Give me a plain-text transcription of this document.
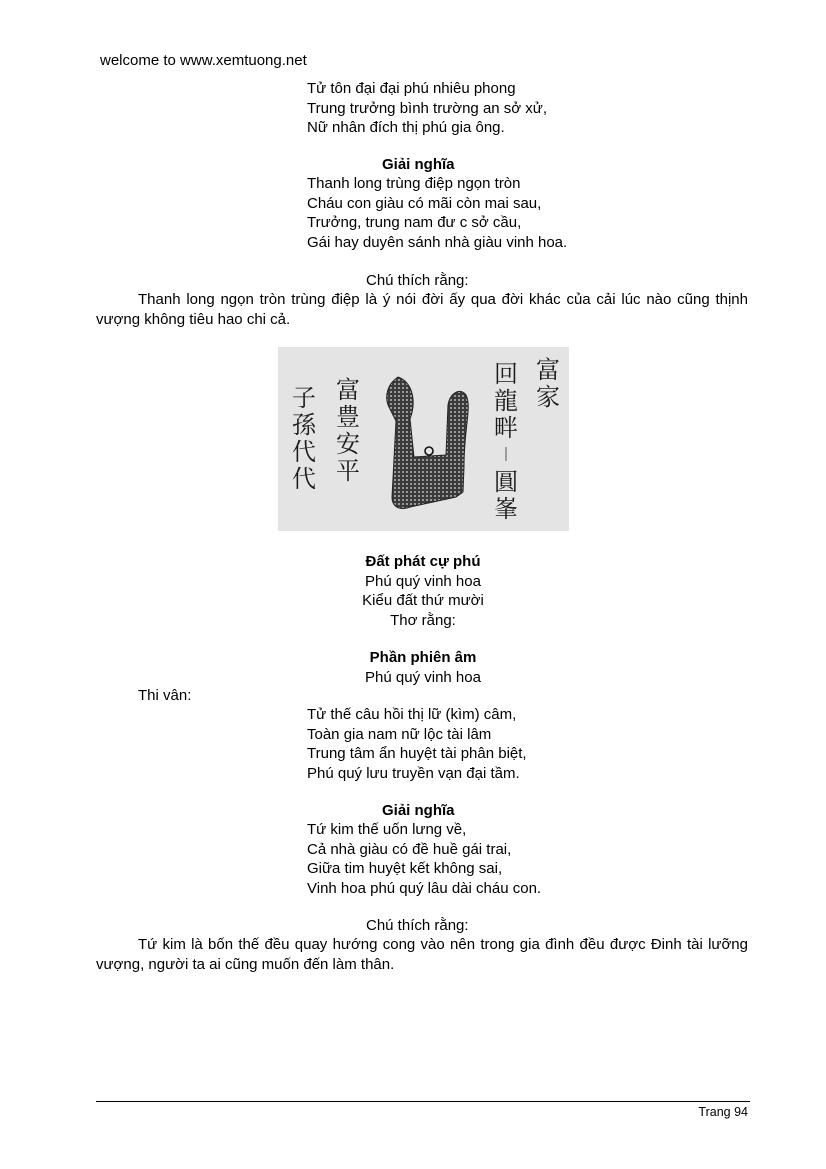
welcome to www.xemtuong.net
Tử tôn đại đại phú nhiêu phong
Trung trưởng bình trường an sở xử,
Nữ nhân đích thị phú gia ông.
Giải nghĩa
Thanh long trùng điệp ngọn tròn
Cháu con giàu có mãi còn mai sau,
Trưởng, trung nam đư c sở cầu,
Gái hay duyên sánh nhà giàu vinh hoa.
Chú thích rằng:
Thanh long ngọn tròn trùng điệp là ý nói đời ấy qua đời khác của cải lúc nào cũng thịnh vượng không tiêu hao chi cả.
富
家
回
龍
畔
圓
峯
富
豊
安
平
子
孫
代
代
Đất phát cự phú
Phú quý vinh hoa
Kiểu đất thứ mười
Thơ rằng:
Phần phiên âm
Phú quý vinh hoa
Thi vân:
Tử thế câu hồi thị lữ (kìm) câm,
Toàn gia nam nữ lộc tài lâm
Trung tâm ẩn huyệt tài phân biệt,
Phú quý lưu truyền vạn đại tầm.
Giải nghĩa
Tứ kim thế uốn lưng về,
Cả nhà giàu có đề huề gái trai,
Giữa tim huyệt kết không sai,
Vinh hoa phú quý lâu dài cháu con.
Chú thích rằng:
Tứ kim là bốn thế đều quay hướng cong vào nên trong gia đình đều được Đinh tài lưỡng vượng, người ta ai cũng muốn đến làm thân.
Trang 94
